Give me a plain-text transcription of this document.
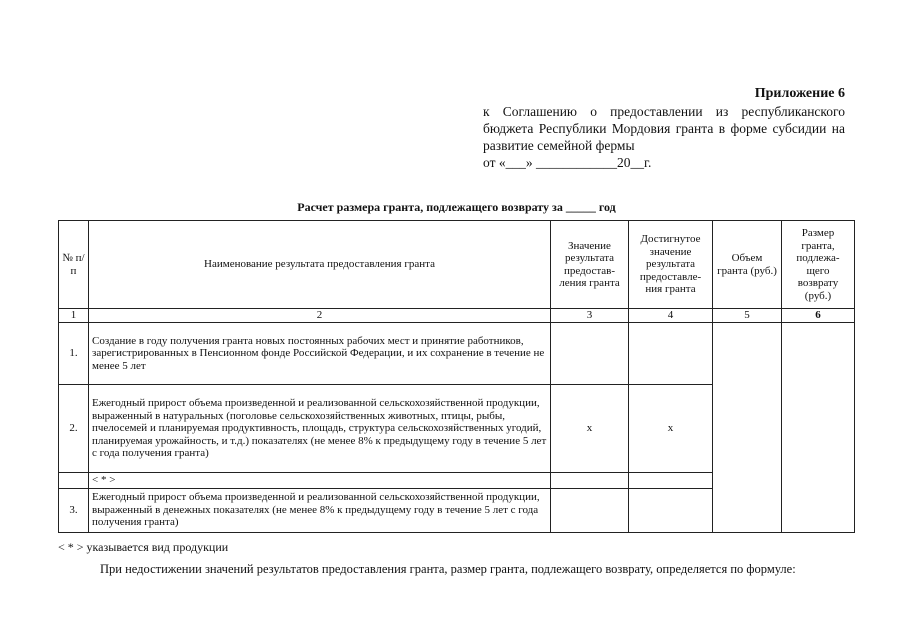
Приложение 6
к Соглашению о предоставлении из республиканского бюджета Республики Мордовия гранта в форме субсидии на развитие семейной фермы
от «___» ____________20__г.
Расчет размера гранта, подлежащего возврату за _____ год
№ п/п	Наименование результата предоставления гранта	Значение результата предостав-ления гранта	Достигнутое значение результата предоставле-ния гранта	Объем гранта (руб.)	Размер гранта, подлежа-щего возврату (руб.)
1	2	3	4	5	6
1.	Создание в году получения гранта новых постоянных рабочих мест и принятие работников, зарегистрированных в Пенсионном фонде Российской Федерации, и их сохранение в течение не менее 5 лет				
2.	Ежегодный прирост объема произведенной и реализованной сельскохозяйственной продукции, выраженный в натуральных (поголовье сельскохозяйственных животных, птицы, рыбы, пчелосемей и планируемая продуктивность, площадь, структура сельскохозяйственных угодий, планируемая урожайность, и т.д.) показателях (не менее 8% к предыдущему году в течение 5 лет с года получения гранта)	x	x		
	< * >				
3.	Ежегодный прирост объема произведенной и реализованной сельскохозяйственной продукции, выраженный в денежных показателях (не менее 8% к предыдущему году в течение 5 лет с года получения гранта)				
< * > указывается вид продукции
При недостижении значений результатов предоставления гранта, размер гранта, подлежащего возврату, определяется по формуле:
